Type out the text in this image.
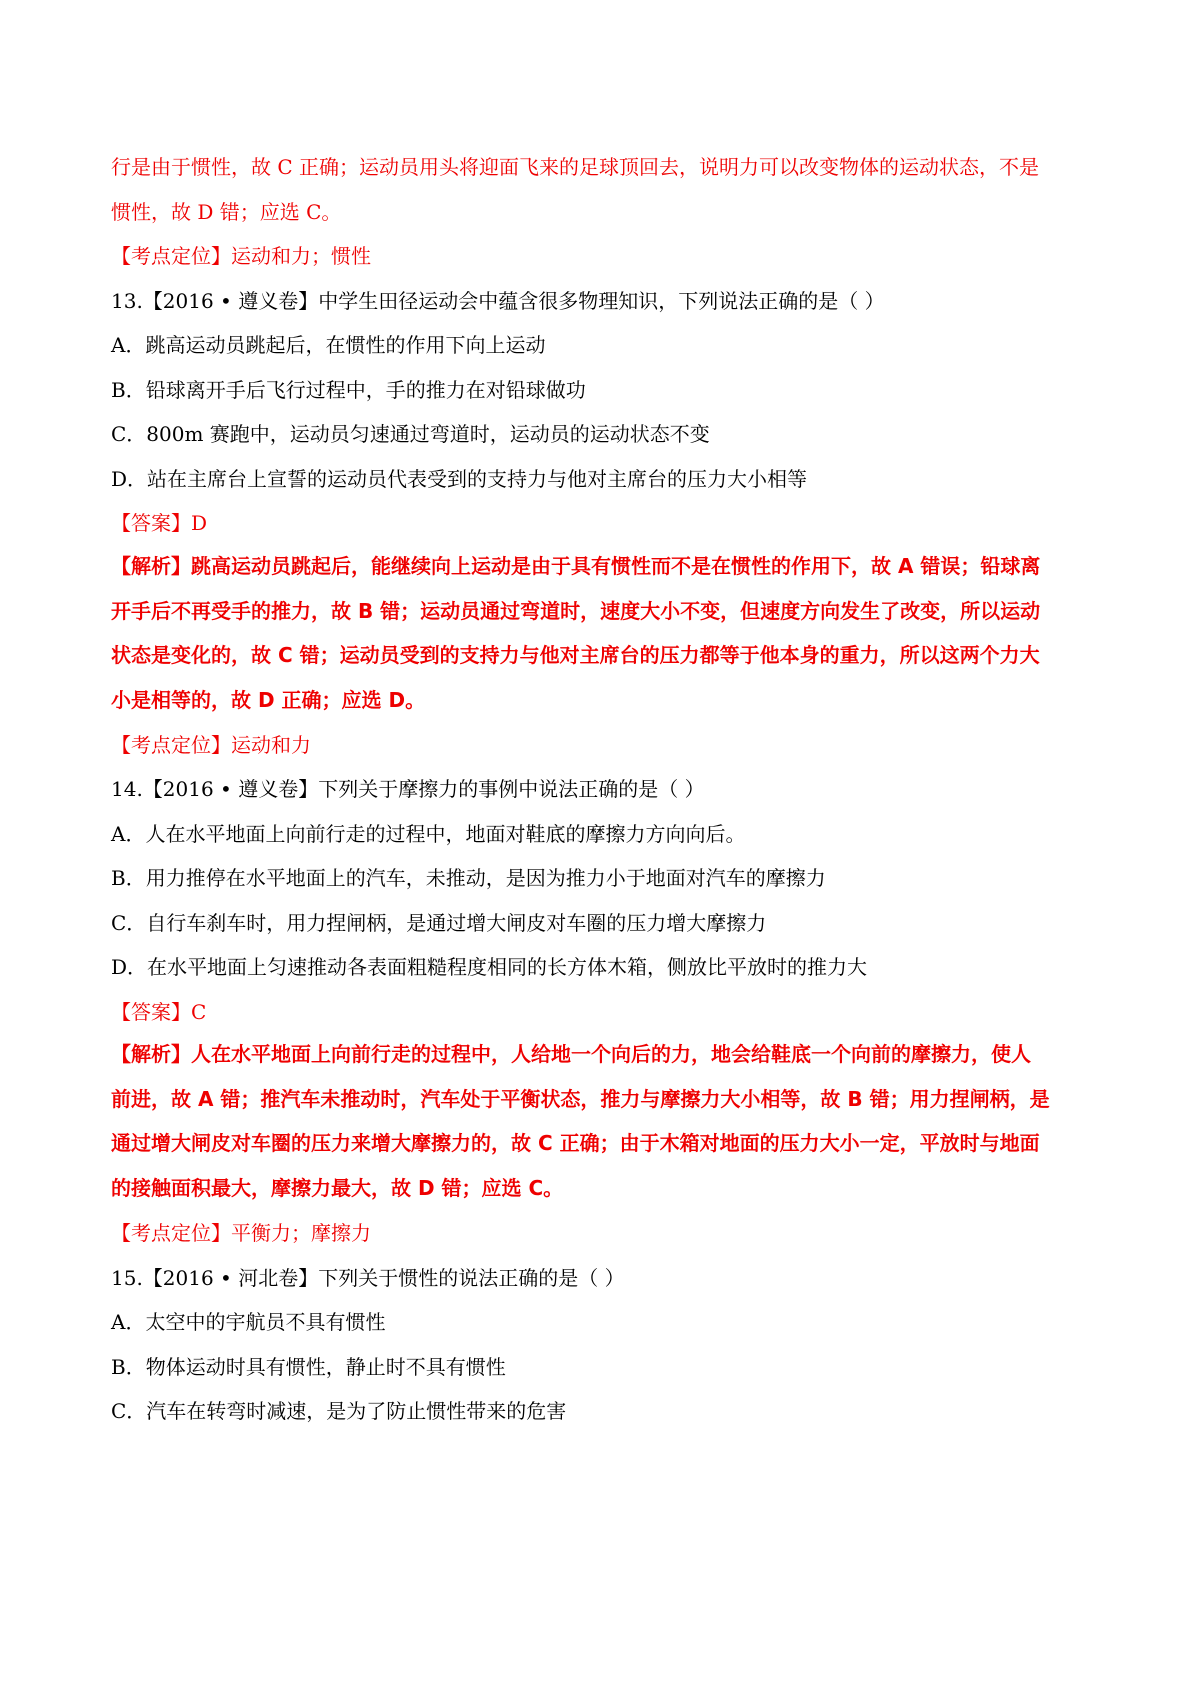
行是由于惯性，故 C 正确；运动员用头将迎面飞来的足球顶回去，说明力可以改变物体的运动状态，不是
惯性，故 D 错；应选 C。
【考点定位】运动和力；惯性
13.【2016 • 遵义卷】中学生田径运动会中蕴含很多物理知识，下列说法正确的是（ ）
A．跳高运动员跳起后，在惯性的作用下向上运动
B．铅球离开手后飞行过程中，手的推力在对铅球做功
C．800m 赛跑中，运动员匀速通过弯道时，运动员的运动状态不变
D．站在主席台上宣誓的运动员代表受到的支持力与他对主席台的压力大小相等
【答案】D
【解析】跳高运动员跳起后，能继续向上运动是由于具有惯性而不是在惯性的作用下，故 A 错误；铅球离
开手后不再受手的推力，故 B 错；运动员通过弯道时，速度大小不变，但速度方向发生了改变，所以运动
状态是变化的，故 C 错；运动员受到的支持力与他对主席台的压力都等于他本身的重力，所以这两个力大
小是相等的，故 D 正确；应选 D。
【考点定位】运动和力
14.【2016 • 遵义卷】下列关于摩擦力的事例中说法正确的是（ ）
A．人在水平地面上向前行走的过程中，地面对鞋底的摩擦力方向向后。
B．用力推停在水平地面上的汽车，未推动，是因为推力小于地面对汽车的摩擦力
C．自行车刹车时，用力捏闸柄，是通过增大闸皮对车圈的压力增大摩擦力
D．在水平地面上匀速推动各表面粗糙程度相同的长方体木箱，侧放比平放时的推力大
【答案】C
【解析】人在水平地面上向前行走的过程中，人给地一个向后的力，地会给鞋底一个向前的摩擦力，使人
前进，故 A 错；推汽车未推动时，汽车处于平衡状态，推力与摩擦力大小相等，故 B 错；用力捏闸柄，是
通过增大闸皮对车圈的压力来增大摩擦力的，故 C 正确；由于木箱对地面的压力大小一定，平放时与地面
的接触面积最大，摩擦力最大，故 D 错；应选 C。
【考点定位】平衡力；摩擦力
15.【2016 • 河北卷】下列关于惯性的说法正确的是（ ）
A．太空中的宇航员不具有惯性
B．物体运动时具有惯性，静止时不具有惯性
C．汽车在转弯时减速，是为了防止惯性带来的危害
